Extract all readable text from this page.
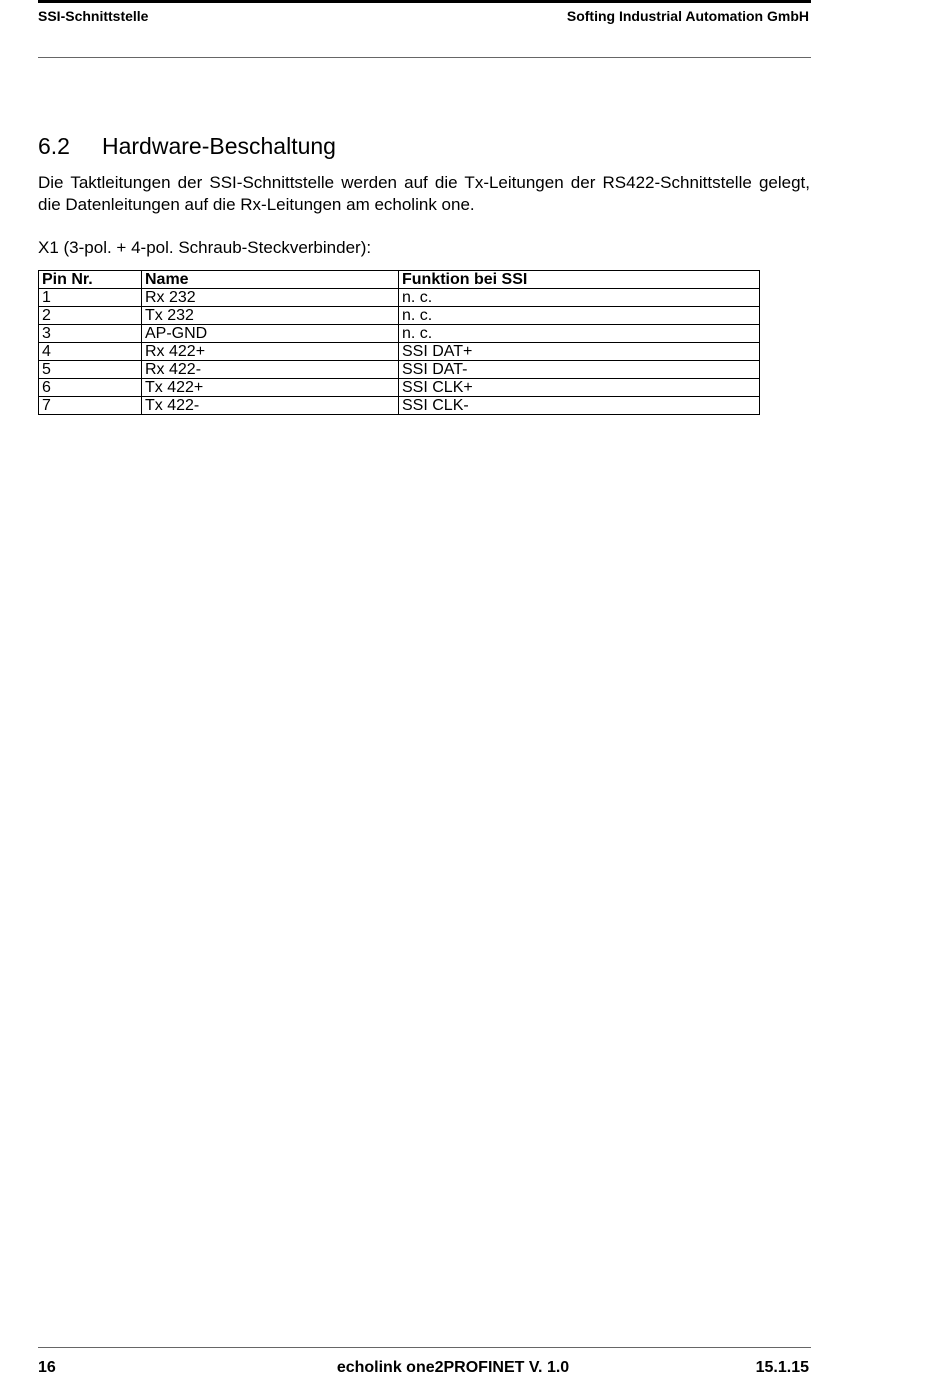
SSI-Schnittstelle	Softing Industrial Automation GmbH
6.2	Hardware-Beschaltung

Die Taktleitungen der SSI-Schnittstelle werden auf die Tx-Leitungen der RS422-Schnittstelle gelegt, die Datenleitungen auf die Rx-Leitungen am echolink one.

X1 (3-pol. + 4-pol. Schraub-Steckverbinder):
Pin Nr.	Name	Funktion bei SSI
1	Rx 232	n. c.
2	Tx 232	n. c.
3	AP-GND	n. c.
4	Rx 422+	SSI DAT+
5	Rx 422-	SSI DAT-
6	Tx 422+	SSI CLK+
7	Tx 422-	SSI CLK-
16	echolink one2PROFINET V. 1.0	15.1.15
